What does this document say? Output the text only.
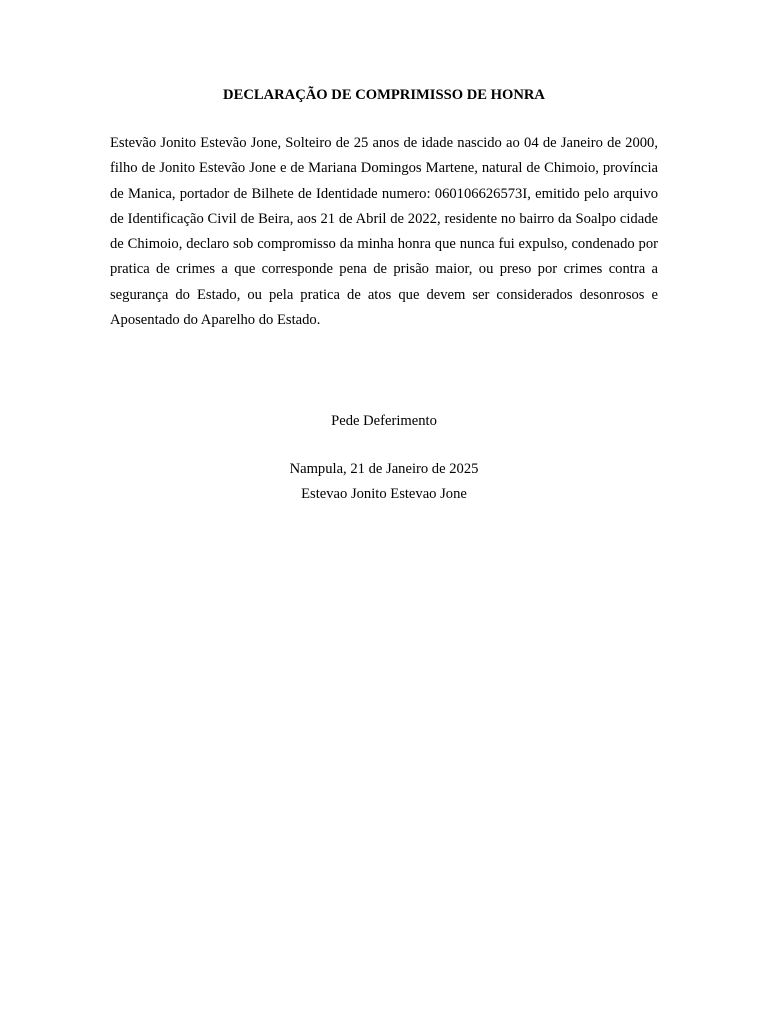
DECLARAÇÃO DE COMPRIMISSO DE HONRA

Estevão Jonito Estevão Jone, Solteiro de 25 anos de idade nascido ao 04 de Janeiro de 2000, filho de Jonito Estevão Jone e de Mariana Domingos Martene, natural de Chimoio, província de Manica, portador de Bilhete de Identidade numero: 060106626573I, emitido pelo arquivo de Identificação Civil de Beira, aos 21 de Abril de 2022, residente no bairro da Soalpo cidade de Chimoio, declaro sob compromisso da minha honra que nunca fui expulso, condenado por pratica de crimes a que corresponde pena de prisão maior, ou preso por crimes contra a segurança do Estado, ou pela pratica de atos que devem ser considerados desonrosos e Aposentado do Aparelho do Estado.

Pede Deferimento
Nampula, 21 de Janeiro de 2025
Estevao Jonito Estevao Jone
